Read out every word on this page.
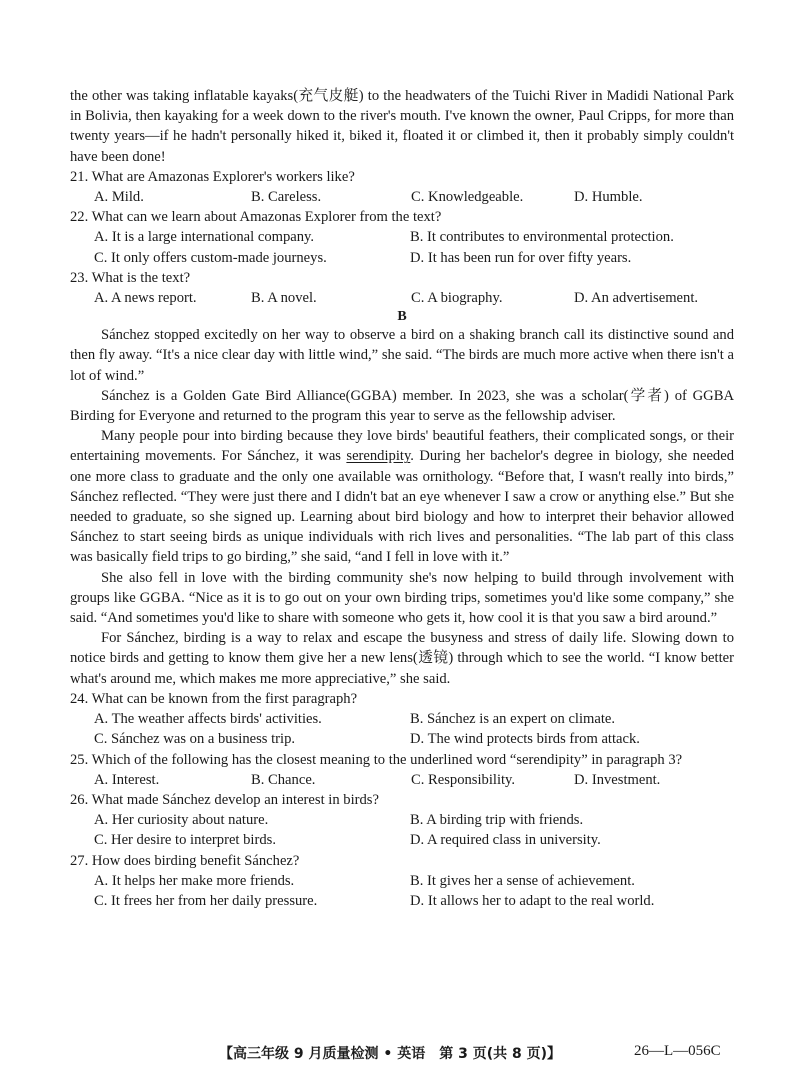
the other was taking inflatable kayaks(充气皮艇) to the headwaters of the Tuichi River in Madidi National Park in Bolivia, then kayaking for a week down to the river's mouth. I've known the owner, Paul Cripps, for more than twenty years—if he hadn't personally hiked it, biked it, floated it or climbed it, then it probably simply couldn't have been done!

21. What are Amazonas Explorer's workers like?

A. Mild.	B. Careless.	C. Knowledgeable.	D. Humble.

22. What can we learn about Amazonas Explorer from the text?

A. It is a large international company.	B. It contributes to environmental protection.
C. It only offers custom-made journeys.	D. It has been run for over fifty years.

23. What is the text?

A. A news report.	B. A novel.	C. A biography.	D. An advertisement.

B

Sánchez stopped excitedly on her way to observe a bird on a shaking branch call its distinctive sound and then fly away. “It's a nice clear day with little wind,” she said. “The birds are much more active when there isn't a lot of wind.”

Sánchez is a Golden Gate Bird Alliance(GGBA) member. In 2023, she was a scholar(学者) of GGBA Birding for Everyone and returned to the program this year to serve as the fellowship adviser.

Many people pour into birding because they love birds' beautiful feathers, their complicated songs, or their entertaining movements. For Sánchez, it was serendipity. During her bachelor's degree in biology, she needed one more class to graduate and the only one available was ornithology. “Before that, I wasn't really into birds,” Sánchez reflected. “They were just there and I didn't bat an eye whenever I saw a crow or anything else.” But she needed to graduate, so she signed up. Learning about bird biology and how to interpret their behavior allowed Sánchez to start seeing birds as unique individuals with rich lives and personalities. “The lab part of this class was basically field trips to go birding,” she said, “and I fell in love with it.”

She also fell in love with the birding community she's now helping to build through involvement with groups like GGBA. “Nice as it is to go out on your own birding trips, sometimes you'd like some company,” she said. “And sometimes you'd like to share with someone who gets it, how cool it is that you saw a bird around.”

For Sánchez, birding is a way to relax and escape the busyness and stress of daily life. Slowing down to notice birds and getting to know them give her a new lens(透镜) through which to see the world. “I know better what's around me, which makes me more appreciative,” she said.

24. What can be known from the first paragraph?

A. The weather affects birds' activities.	B. Sánchez is an expert on climate.
C. Sánchez was on a business trip.	D. The wind protects birds from attack.

25. Which of the following has the closest meaning to the underlined word “serendipity” in paragraph 3?

A. Interest.	B. Chance.	C. Responsibility.	D. Investment.

26. What made Sánchez develop an interest in birds?

A. Her curiosity about nature.	B. A birding trip with friends.
C. Her desire to interpret birds.	D. A required class in university.

27. How does birding benefit Sánchez?

A. It helps her make more friends.	B. It gives her a sense of achievement.
C. It frees her from her daily pressure.	D. It allows her to adapt to the real world.
【高三年级 9 月质量检测 • 英语　第 3 页(共 8 页)】	26—L—056C
